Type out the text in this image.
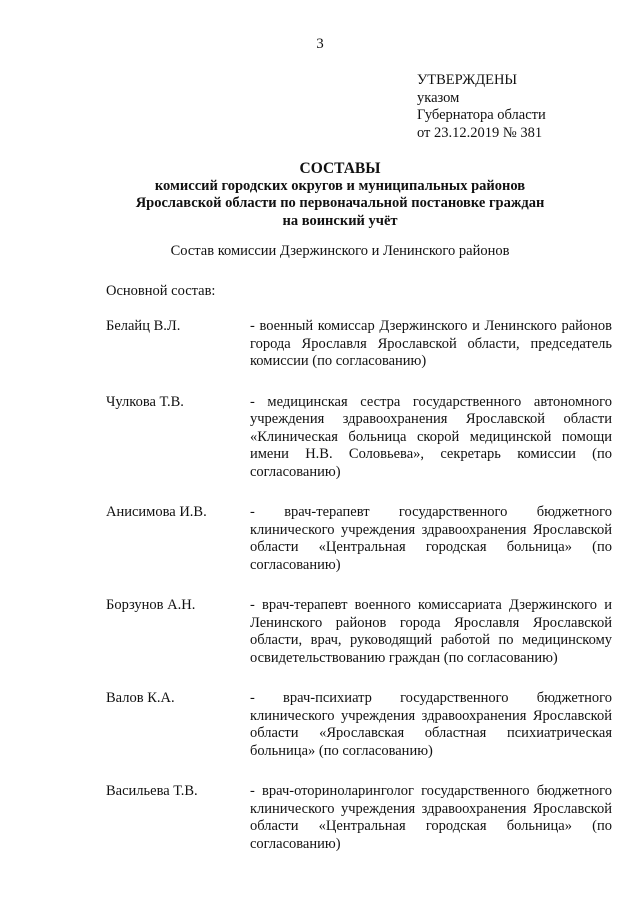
3
УТВЕРЖДЕНЫ
указом
Губернатора области
от 23.12.2019 № 381
СОСТАВЫ
комиссий городских округов и муниципальных районов
Ярославской области по первоначальной постановке граждан
на воинский учёт
Состав комиссии Дзержинского и Ленинского районов
Основной состав:
Белайц В.Л.	- военный комиссар Дзержинского и Ленинского районов города Ярославля Ярославской области, председатель комиссии (по согласованию)
Чулкова Т.В.	- медицинская сестра государственного автономного учреждения здравоохранения Ярославской области «Клиническая больница скорой медицинской помощи имени Н.В. Соловьева», секретарь комиссии (по согласованию)
Анисимова И.В.	- врач-терапевт государственного бюджетного клинического учреждения здравоохранения Ярославской области «Центральная городская больница» (по согласованию)
Борзунов А.Н.	- врач-терапевт военного комиссариата Дзержинского и Ленинского районов города Ярославля Ярославской области, врач, руководящий работой по медицинскому освидетельствованию граждан (по согласованию)
Валов К.А.	- врач-психиатр государственного бюджетного клинического учреждения здравоохранения Ярославской области «Ярославская областная психиатрическая больница» (по согласованию)
Васильева Т.В.	- врач-оториноларинголог государственного бюджетного клинического учреждения здравоохранения Ярославской области «Центральная городская больница» (по согласованию)
